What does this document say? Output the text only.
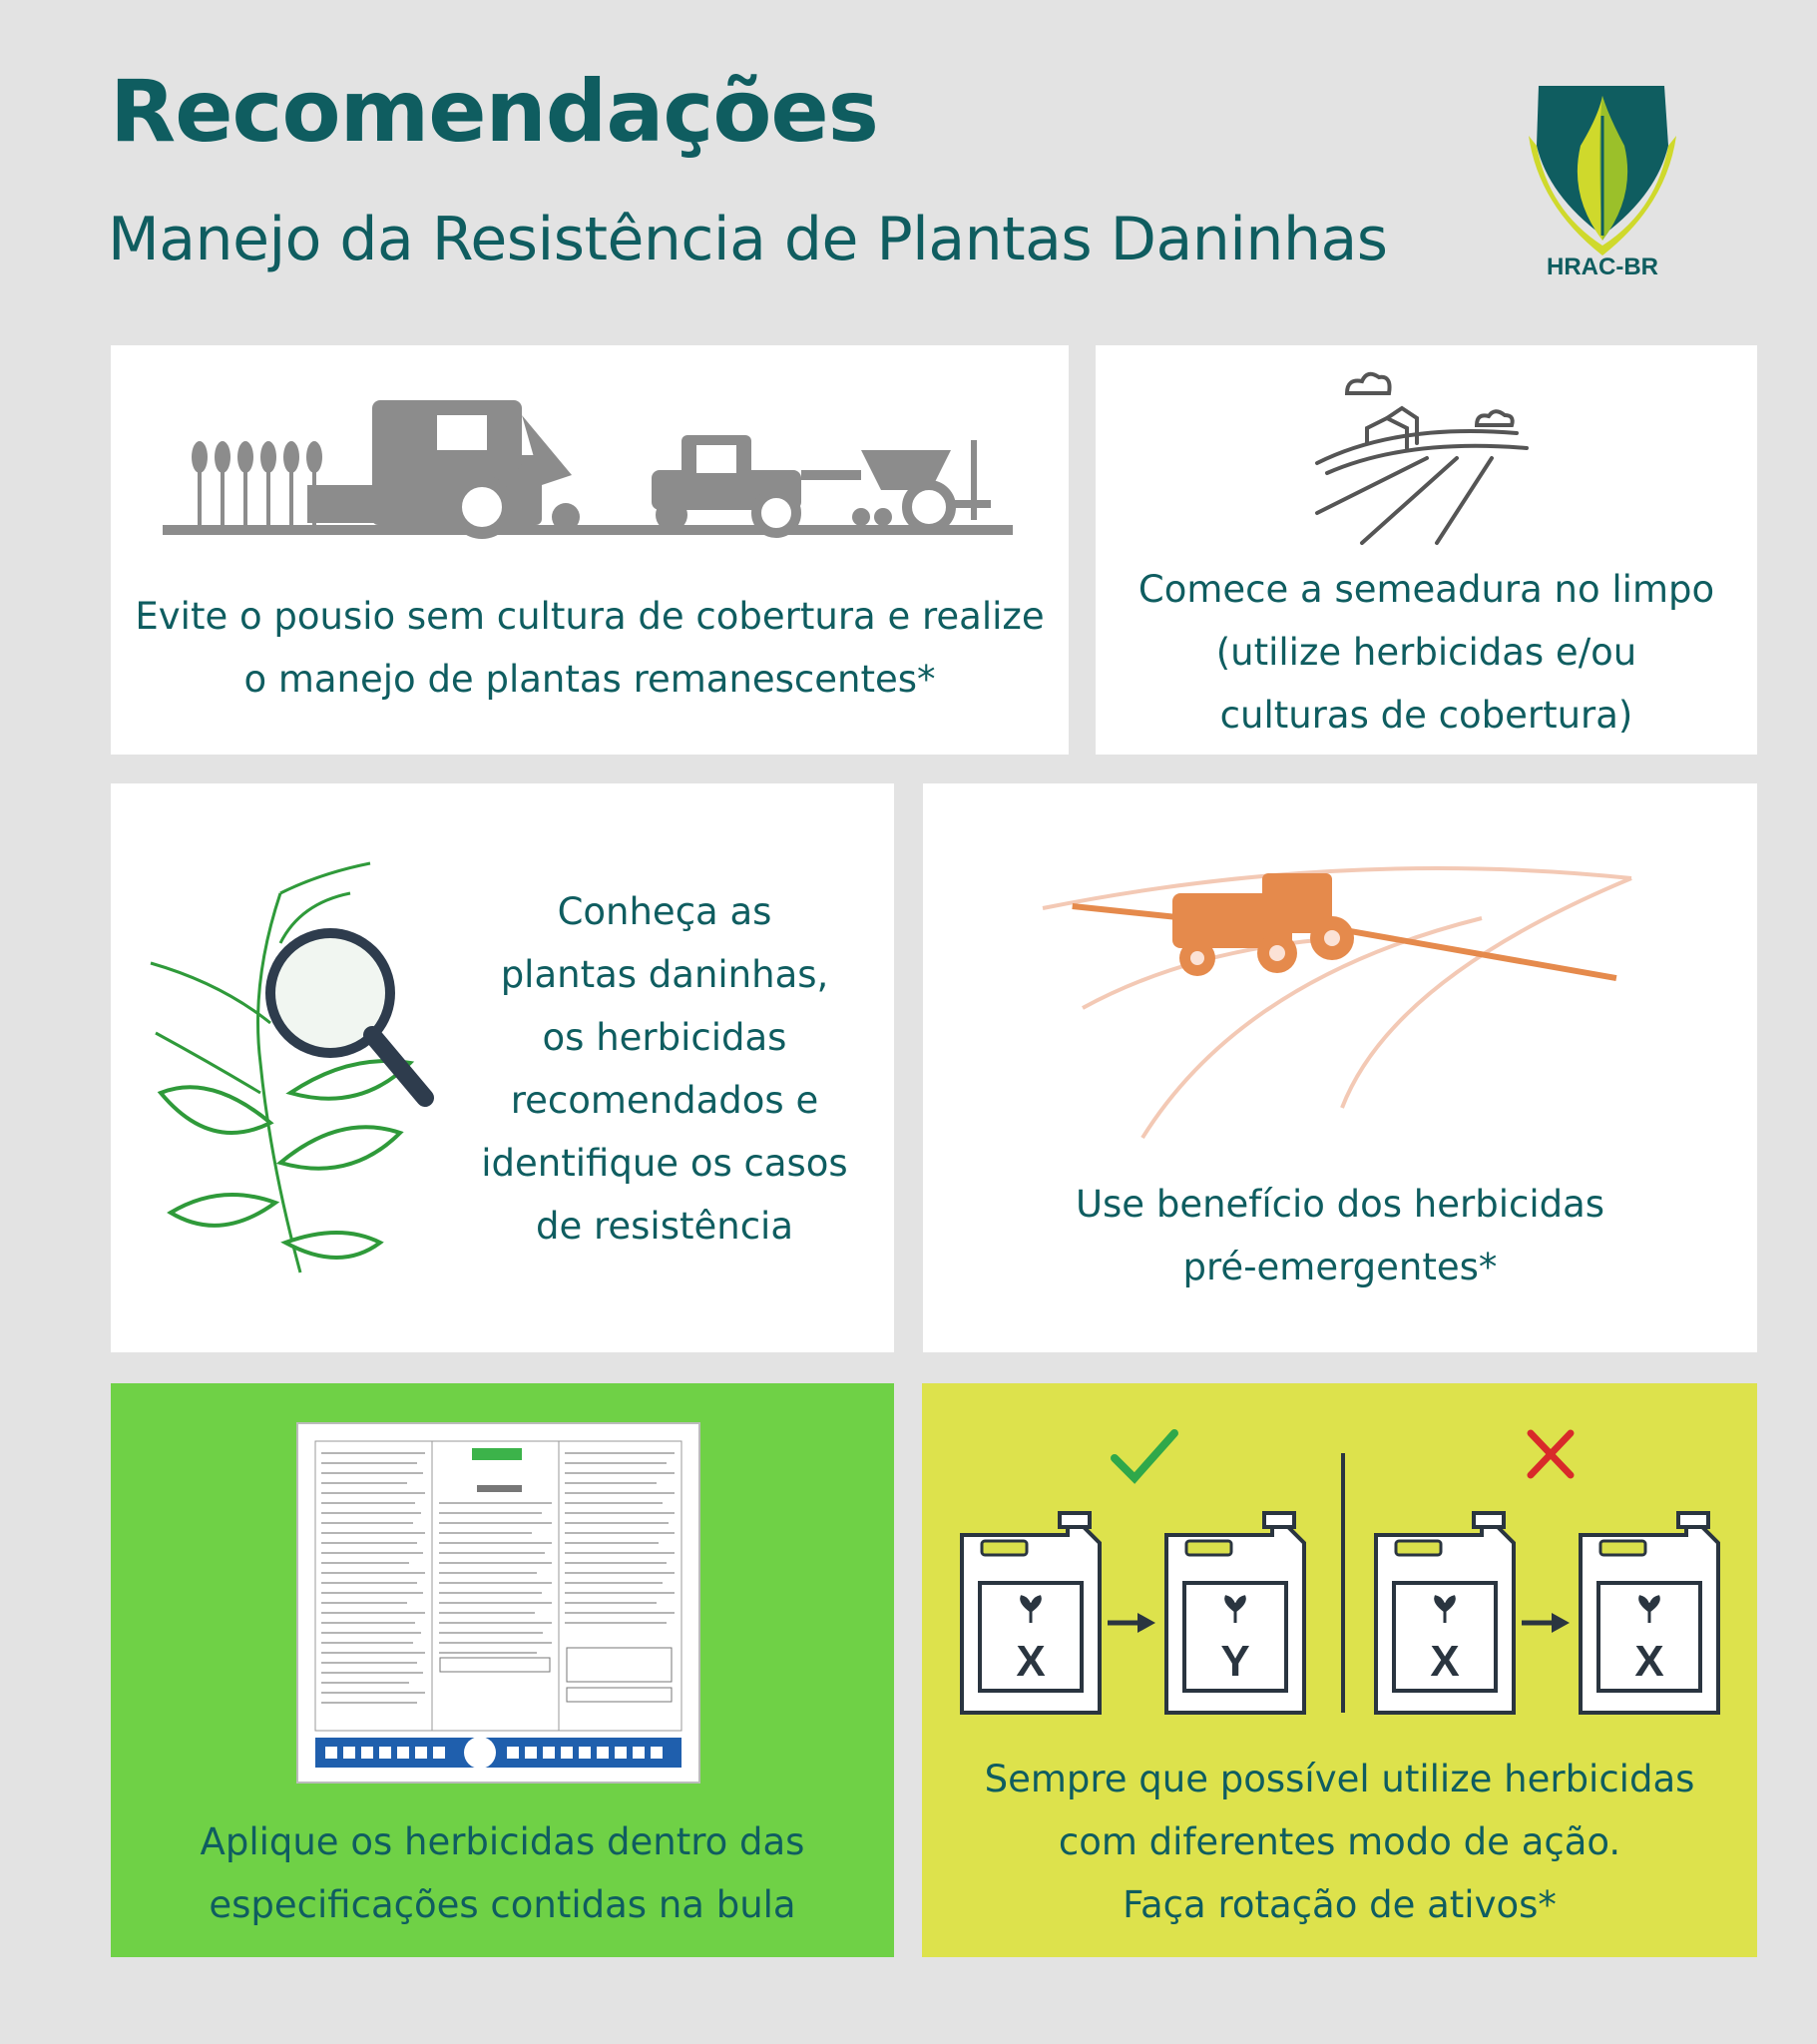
Recomendações
Manejo da Resistência de Plantas Daninhas	HRAC-BR
Evite o pousio sem cultura de cobertura e realize
o manejo de plantas remanescentes*
Comece a semeadura no limpo
(utilize herbicidas e/ou
culturas de cobertura)
Conheça as
plantas daninhas,
os herbicidas
recomendados e
identifique os casos
de resistência
Use benefício dos herbicidas
pré-emergentes*
Aplique os herbicidas dentro das
especificações contidas na bula
X	Y	X	X
Sempre que possível utilize herbicidas
com diferentes modo de ação.
Faça rotação de ativos*
